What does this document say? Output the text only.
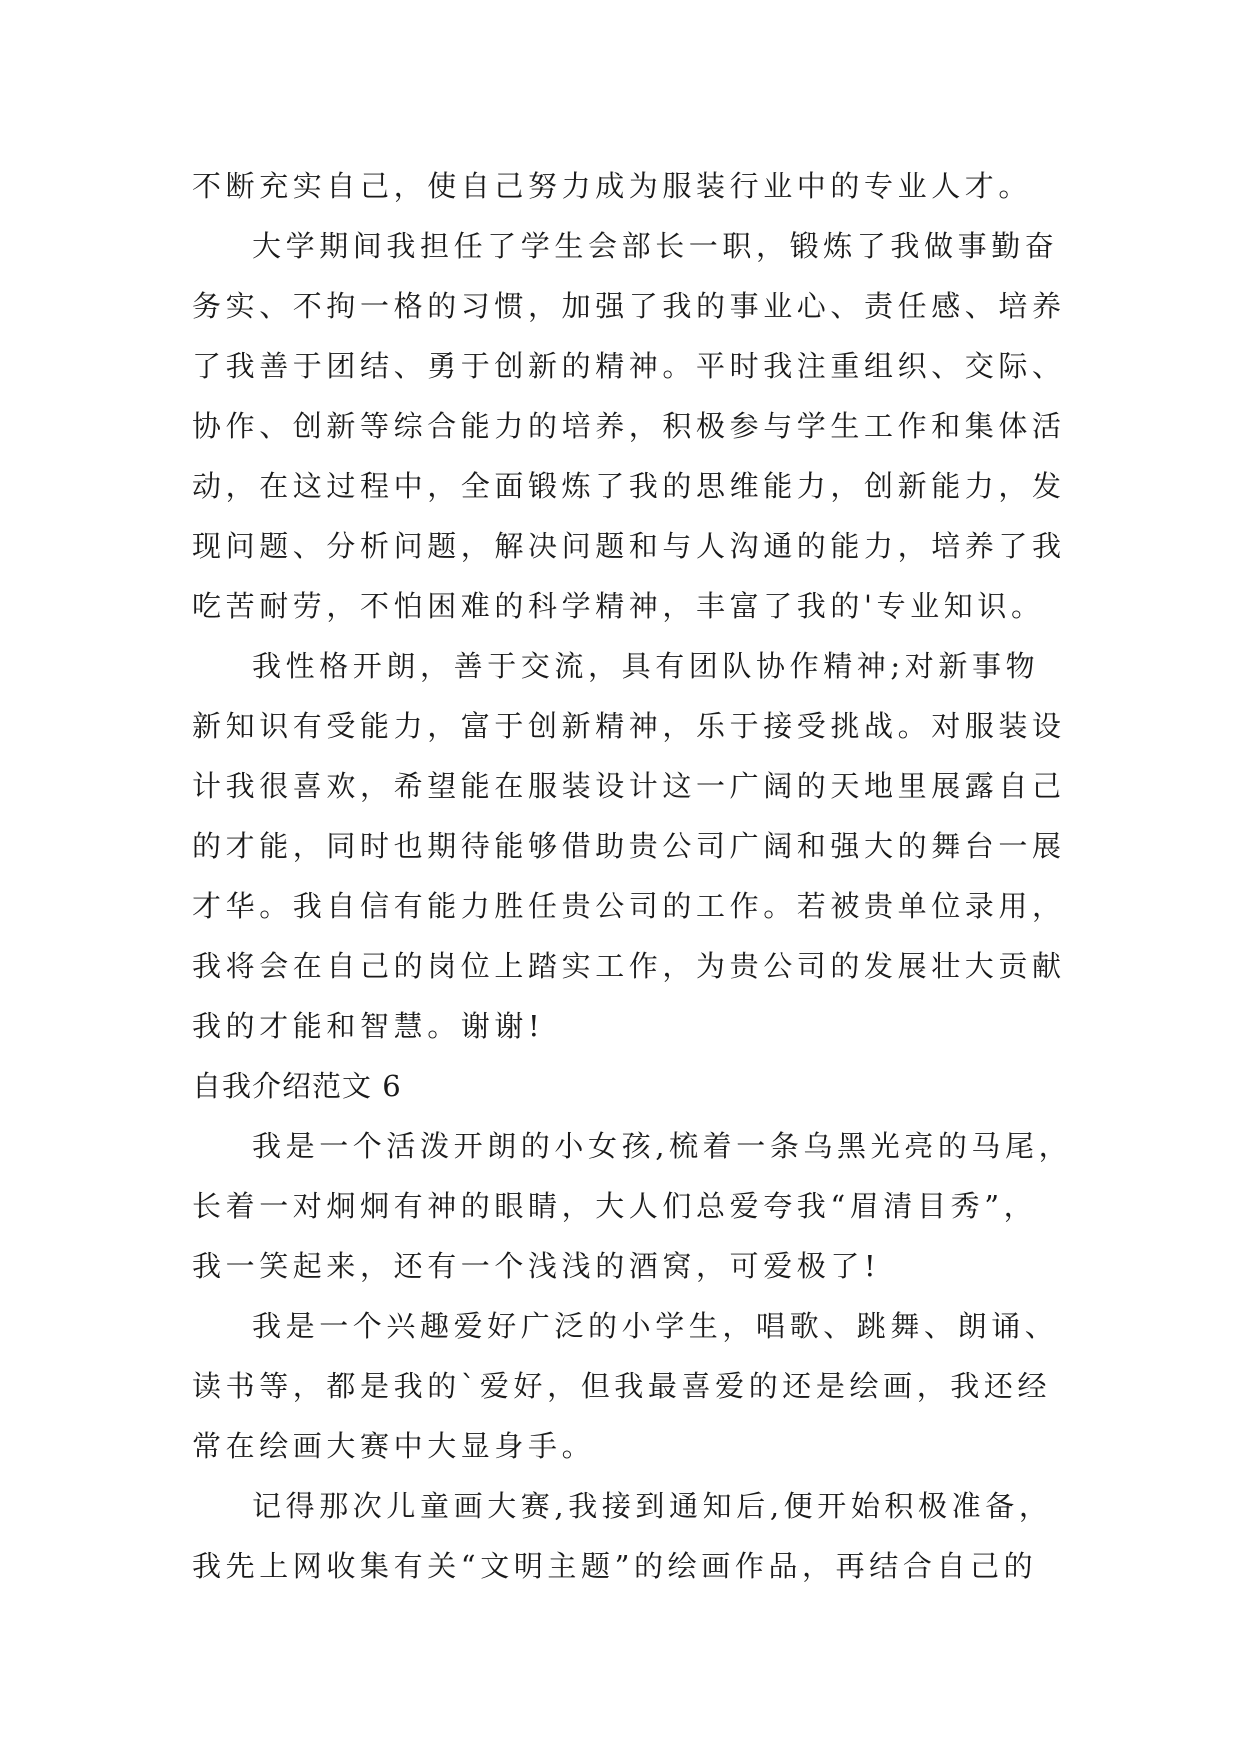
不断充实自己，使自己努力成为服装行业中的专业人才。
大学期间我担任了学生会部长一职，锻炼了我做事勤奋
务实、不拘一格的习惯，加强了我的事业心、责任感、培养
了我善于团结、勇于创新的精神。平时我注重组织、交际、
协作、创新等综合能力的培养，积极参与学生工作和集体活
动，在这过程中，全面锻炼了我的思维能力，创新能力，发
现问题、分析问题，解决问题和与人沟通的能力，培养了我
吃苦耐劳，不怕困难的科学精神，丰富了我的'专业知识。
我性格开朗，善于交流，具有团队协作精神;对新事物
新知识有受能力，富于创新精神，乐于接受挑战。对服装设
计我很喜欢，希望能在服装设计这一广阔的天地里展露自己
的才能，同时也期待能够借助贵公司广阔和强大的舞台一展
才华。我自信有能力胜任贵公司的工作。若被贵单位录用，
我将会在自己的岗位上踏实工作，为贵公司的发展壮大贡献
我的才能和智慧。谢谢!
自我介绍范文 6
我是一个活泼开朗的小女孩,梳着一条乌黑光亮的马尾，
长着一对炯炯有神的眼睛，大人们总爱夸我“眉清目秀”，
我一笑起来，还有一个浅浅的酒窝，可爱极了!
我是一个兴趣爱好广泛的小学生，唱歌、跳舞、朗诵、
读书等，都是我的`爱好，但我最喜爱的还是绘画，我还经
常在绘画大赛中大显身手。
记得那次儿童画大赛,我接到通知后,便开始积极准备，
我先上网收集有关“文明主题”的绘画作品，再结合自己的
